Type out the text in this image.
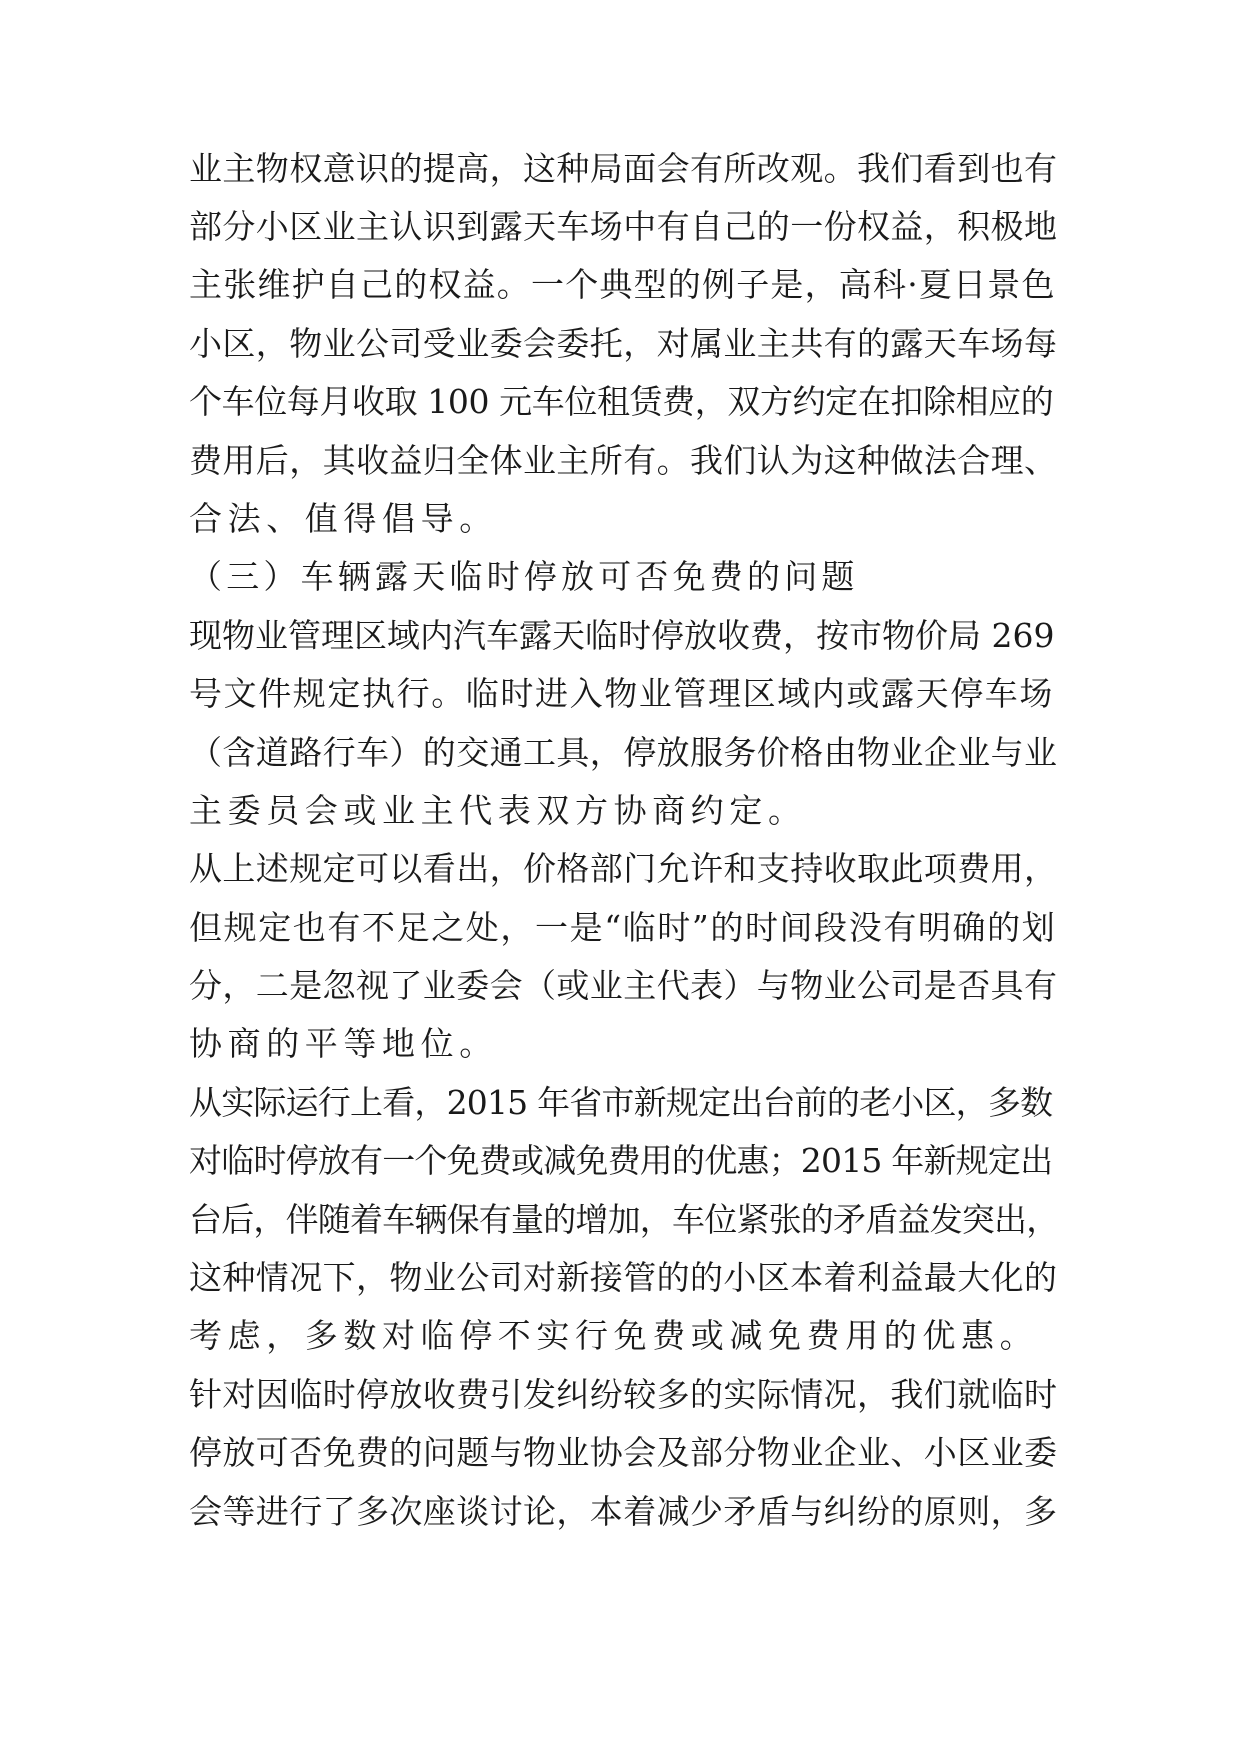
业主物权意识的提高，这种局面会有所改观。我们看到也有
部分小区业主认识到露天车场中有自己的一份权益，积极地
主张维护自己的权益。一个典型的例子是，高科·夏日景色
小区，物业公司受业委会委托，对属业主共有的露天车场每
个车位每月收取 100 元车位租赁费，双方约定在扣除相应的
费用后，其收益归全体业主所有。我们认为这种做法合理、
合法、值得倡导。
（三）车辆露天临时停放可否免费的问题
现物业管理区域内汽车露天临时停放收费，按市物价局 269
号文件规定执行。临时进入物业管理区域内或露天停车场
（含道路行车）的交通工具，停放服务价格由物业企业与业
主委员会或业主代表双方协商约定。
从上述规定可以看出，价格部门允许和支持收取此项费用，
但规定也有不足之处，一是“临时”的时间段没有明确的划
分，二是忽视了业委会（或业主代表）与物业公司是否具有
协商的平等地位。
从实际运行上看，2015 年省市新规定出台前的老小区，多数
对临时停放有一个免费或减免费用的优惠；2015 年新规定出
台后，伴随着车辆保有量的增加，车位紧张的矛盾益发突出，
这种情况下，物业公司对新接管的的小区本着利益最大化的
考虑，多数对临停不实行免费或减免费用的优惠。
针对因临时停放收费引发纠纷较多的实际情况，我们就临时
停放可否免费的问题与物业协会及部分物业企业、小区业委
会等进行了多次座谈讨论，本着减少矛盾与纠纷的原则，多
